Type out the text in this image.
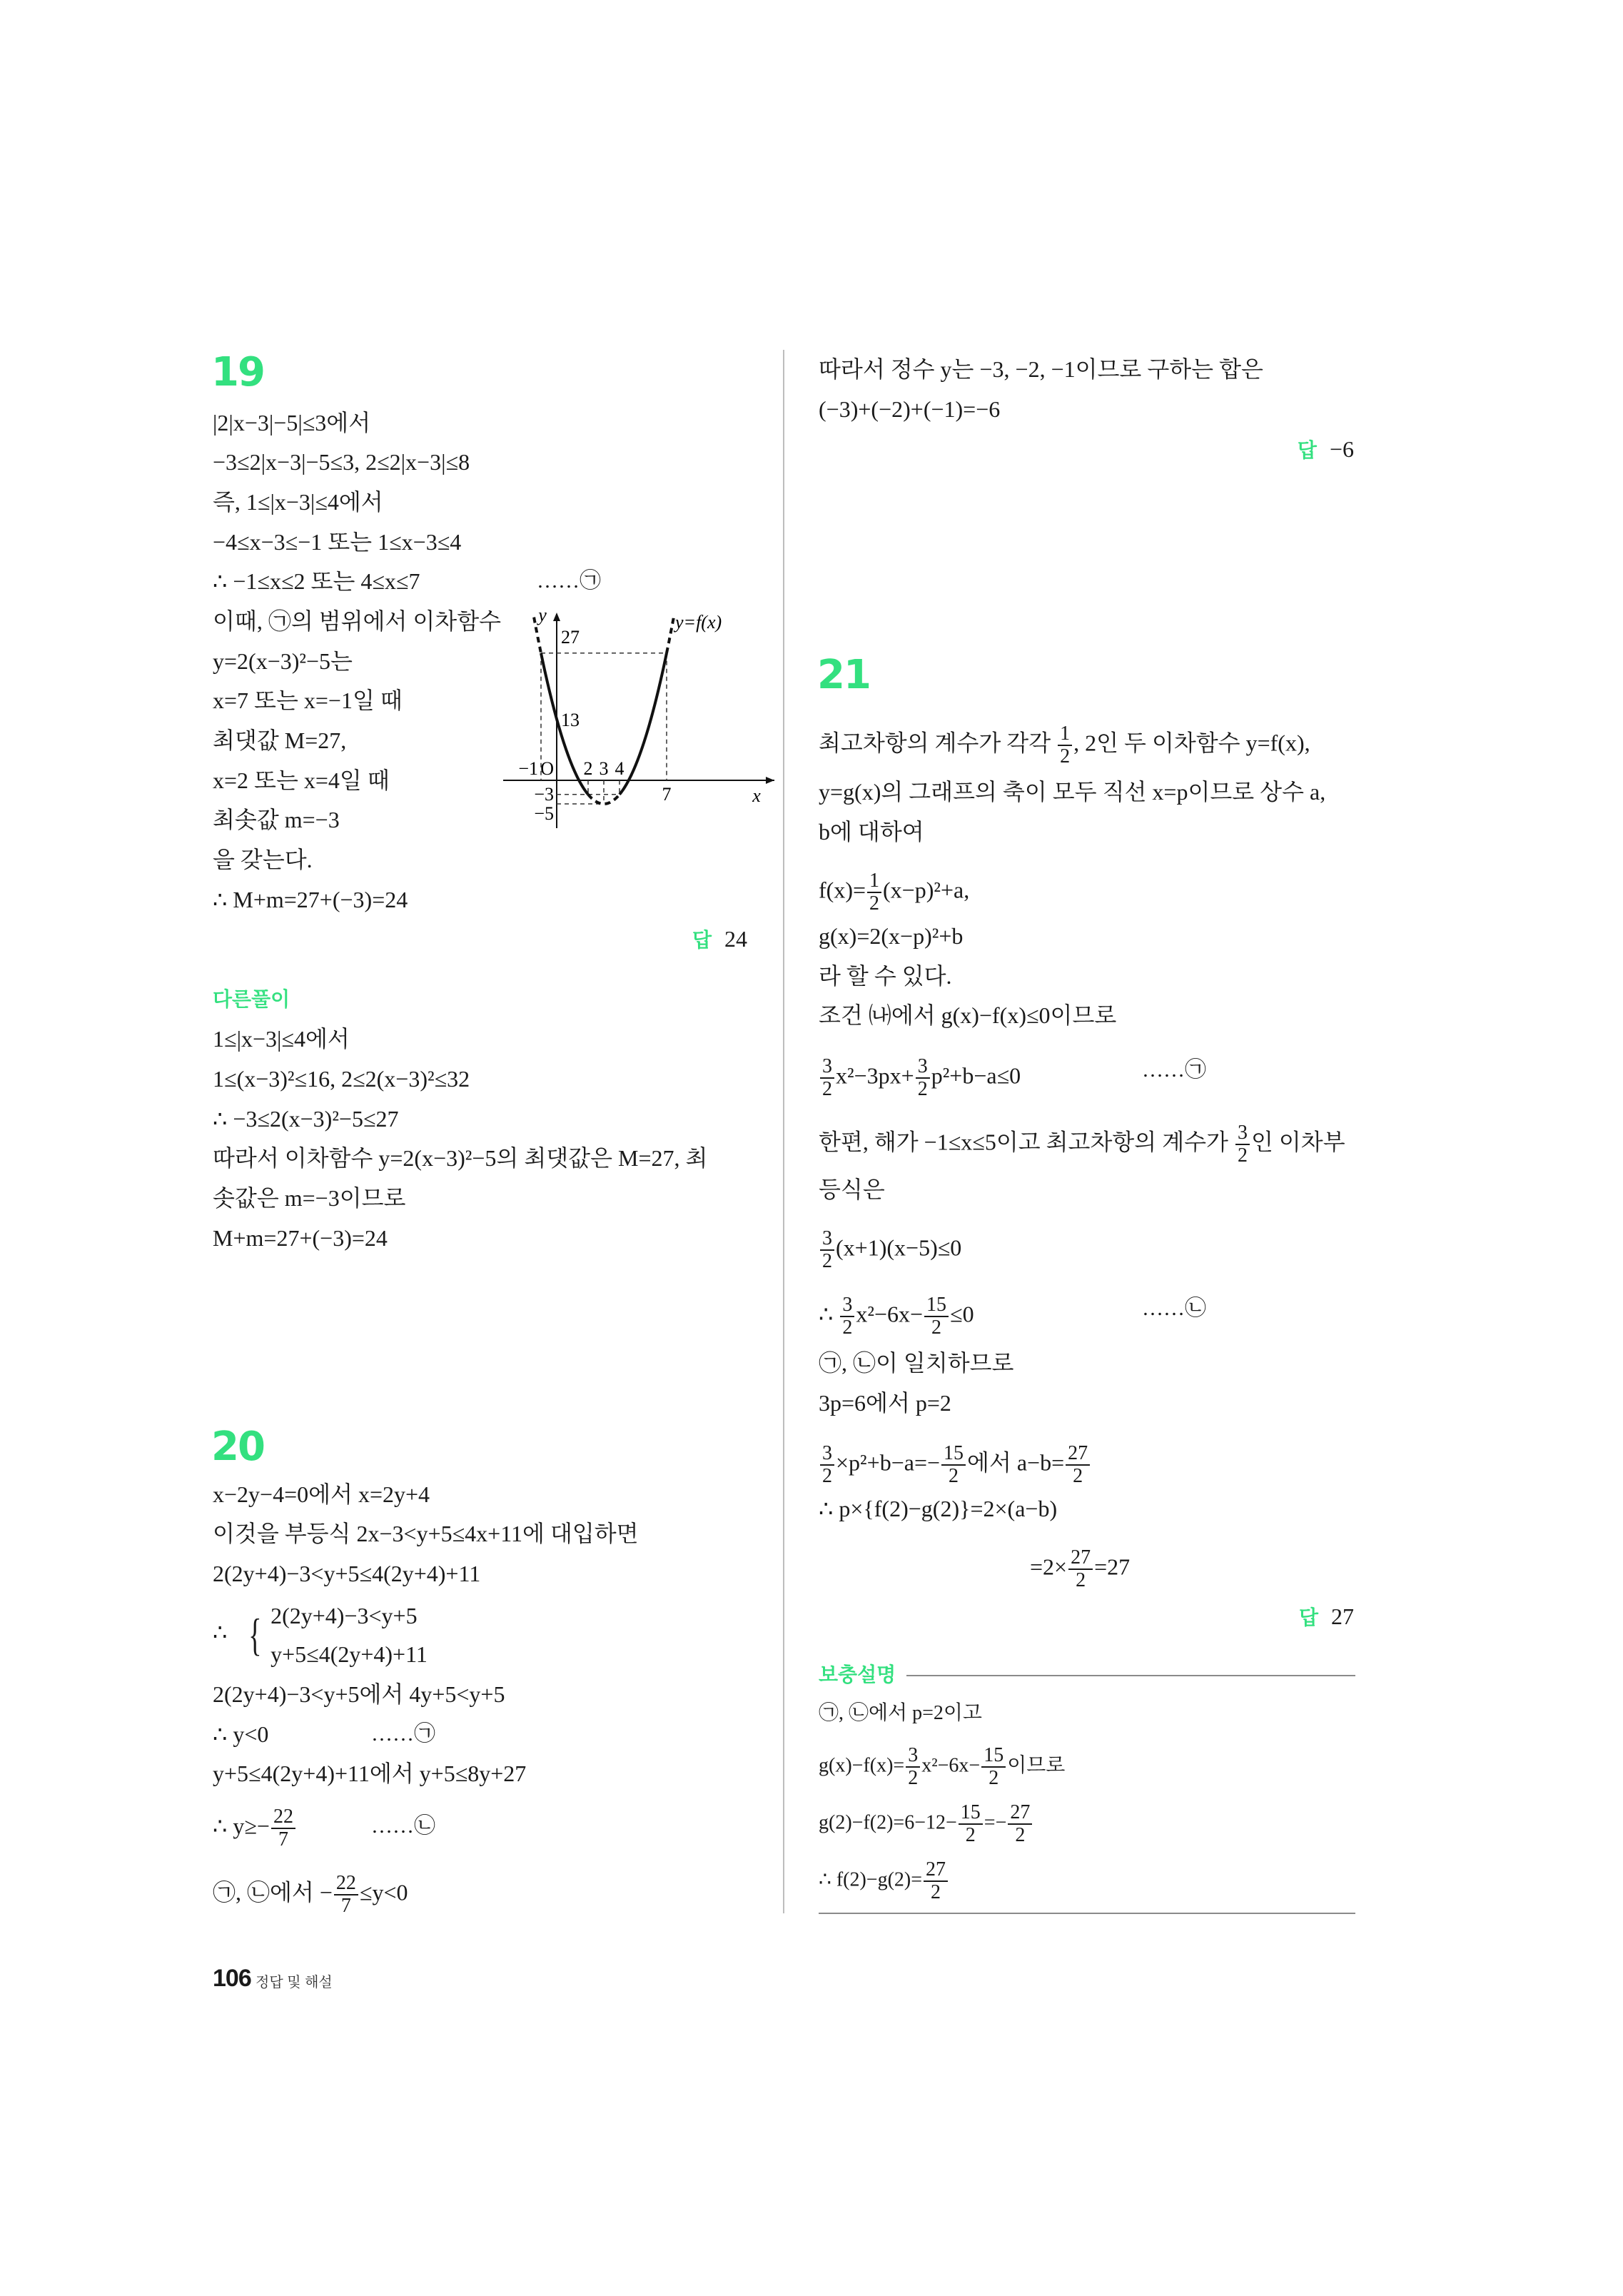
19
|2|x−3|−5|≤3에서
−3≤2|x−3|−5≤3, 2≤2|x−3|≤8
즉, 1≤|x−3|≤4에서
−4≤x−3≤−1 또는 1≤x−3≤4
∴ −1≤x≤2 또는 4≤x≤7	……㉠
이때, ㉠의 범위에서 이차함수
y=2(x−3)²−5는
x=7 또는 x=−1일 때
최댓값 M=27,
x=2 또는 x=4일 때
최솟값 m=−3
을 갖는다.
∴ M+m=27+(−3)=24
y
27
13
O
−1 2 3 4
7	x
−3
−5
y=f(x)
답 24
다른풀이
1≤|x−3|≤4에서
1≤(x−3)²≤16, 2≤2(x−3)²≤32
∴ −3≤2(x−3)²−5≤27
따라서 이차함수 y=2(x−3)²−5의 최댓값은 M=27, 최
솟값은 m=−3이므로
M+m=27+(−3)=24
20
x−2y−4=0에서 x=2y+4
이것을 부등식 2x−3<y+5≤4x+11에 대입하면
2(2y+4)−3<y+5≤4(2y+4)+11
∴ { 2(2y+4)−3<y+5
y+5≤4(2y+4)+11
2(2y+4)−3<y+5에서 4y+5<y+5
∴ y<0	……㉠
y+5≤4(2y+4)+11에서 y+5≤8y+27
∴ $y\ge- \frac{22}{7}$	……㉡
㉠, ㉡에서 − $\frac{22}{7} \le y<0$
따라서 정수 y는 −3, −2, −1이므로 구하는 합은
(−3)+(−2)+(−1)=−6
답 −6
21
최고차항의 계수가 각각 $\frac{1}{2}$ , 2인 두 이차함수 y=f(x),
y=g(x)의 그래프의 축이 모두 직선 x=p이므로 상수 a,
b에 대하여
$f(x)= \frac{1}{2} (x-p)^2+a$,
g(x)=2(x−p)²+b
라 할 수 있다.
조건 ㈏에서 g(x)−f(x)≤0이므로
$\frac{3}{2} x^2-3px+ \frac{3}{2} p^2+b-a\le 0$	……㉠
한편, 해가 −1≤x≤5이고 최고차항의 계수가 $\frac{3}{2}$ 인 이차부
등식은
$\frac{3}{2} (x+1)(x-5)\le 0$
∴ $\frac{3}{2} x^2-6x- \frac{15}{2} \le 0$	……㉡
㉠, ㉡이 일치하므로
3p=6에서 p=2
$\frac{3}{2} \times p^2+b-a=- \frac{15}{2}$ 에서 $a-b= \frac{27}{2}$
∴ p×{f(2)−g(2)}=2×(a−b)
$=2\times \frac{27}{2} =27$
답 27
보충설명
㉠, ㉡에서 p=2이고
$g(x)-f(x)= \frac{3}{2} x^2-6x- \frac{15}{2}$ 이므로
$g(2)-f(2)=6-12- \frac{15}{2} =- \frac{27}{2}$
∴ $f(2)-g(2)= \frac{27}{2}$
106 정답 및 해설
